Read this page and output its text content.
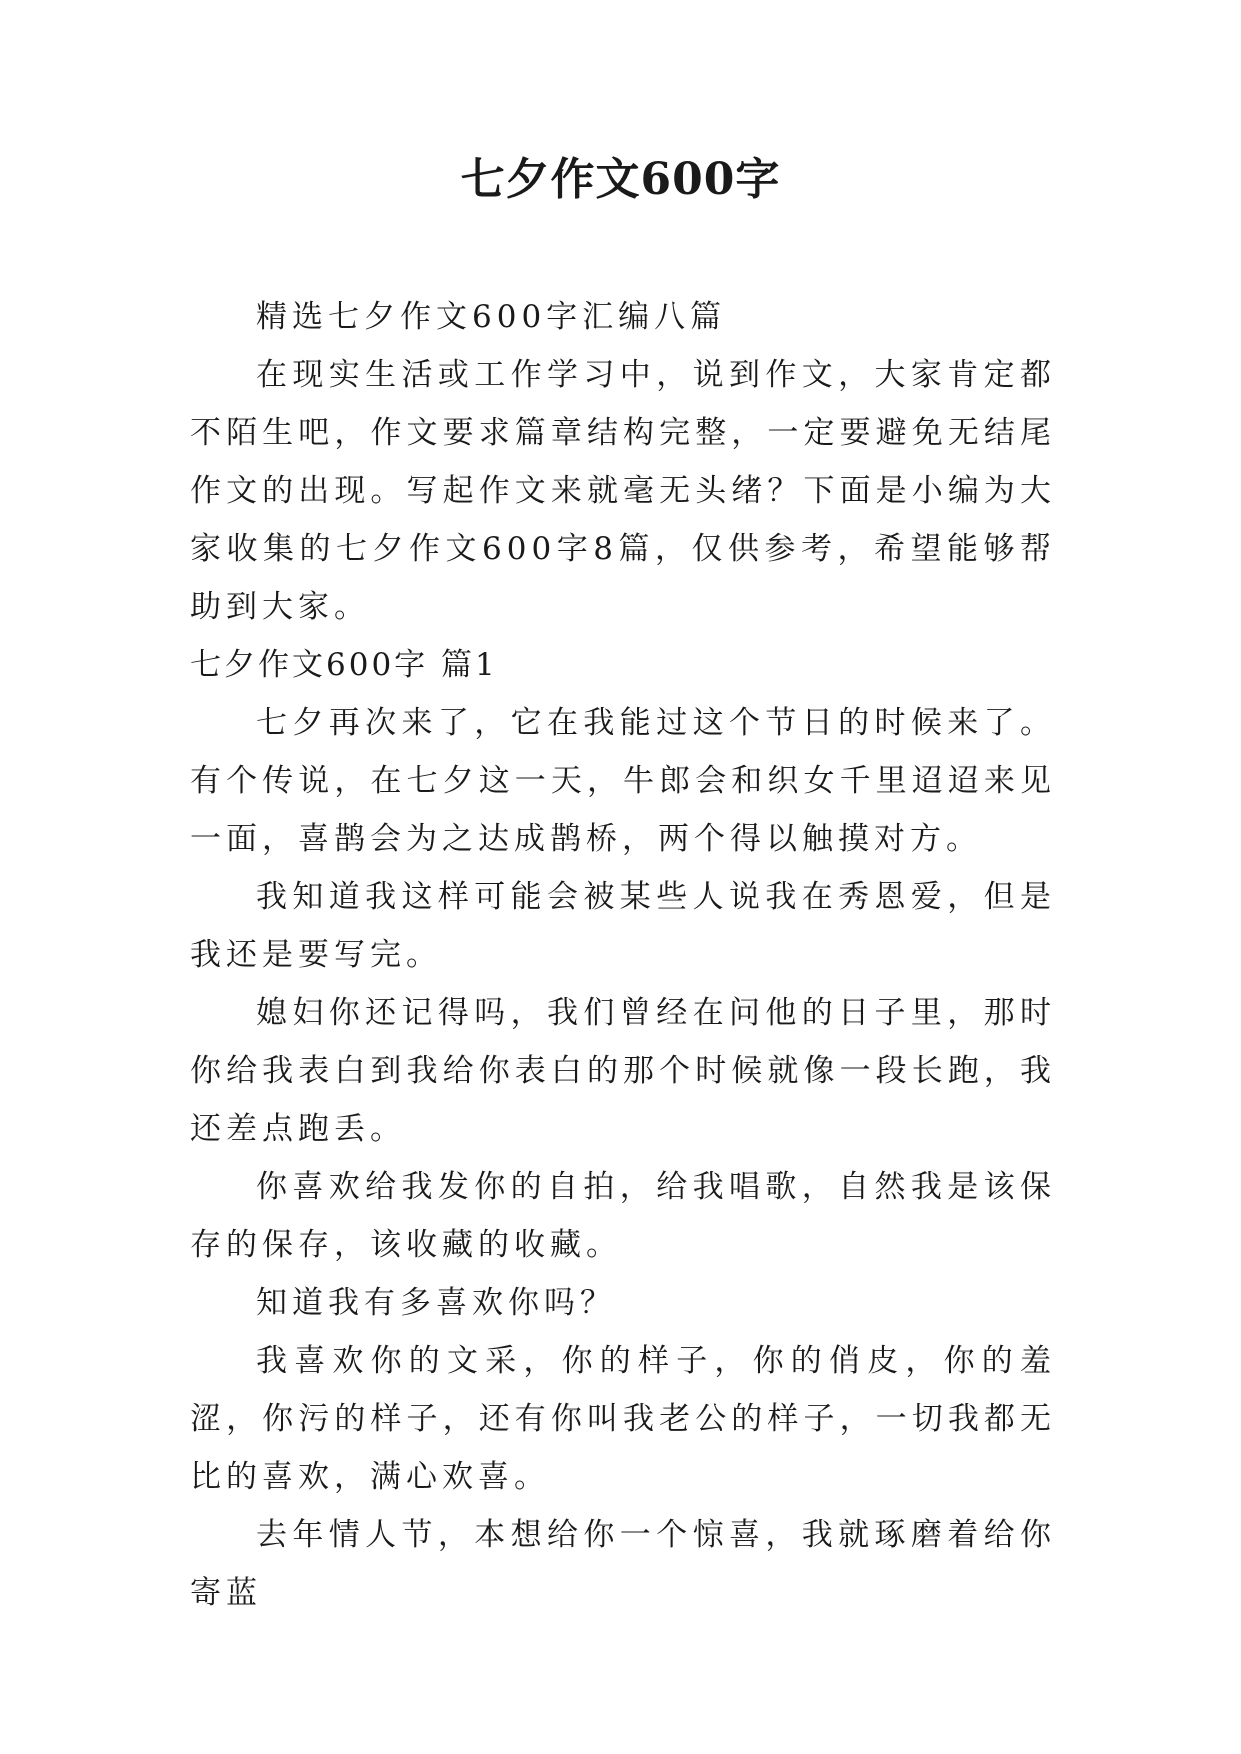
七夕作文600字

精选七夕作文600字汇编八篇

在现实生活或工作学习中，说到作文，大家肯定都不陌生吧，作文要求篇章结构完整，一定要避免无结尾作文的出现。写起作文来就毫无头绪？下面是小编为大家收集的七夕作文600字8篇，仅供参考，希望能够帮助到大家。

七夕作文600字 篇1

七夕再次来了，它在我能过这个节日的时候来了。有个传说，在七夕这一天，牛郎会和织女千里迢迢来见一面，喜鹊会为之达成鹊桥，两个得以触摸对方。

我知道我这样可能会被某些人说我在秀恩爱，但是我还是要写完。

媳妇你还记得吗，我们曾经在问他的日子里，那时你给我表白到我给你表白的那个时候就像一段长跑，我还差点跑丢。

你喜欢给我发你的自拍，给我唱歌，自然我是该保存的保存，该收藏的收藏。

知道我有多喜欢你吗？

我喜欢你的文采，你的样子，你的俏皮，你的羞涩，你污的样子，还有你叫我老公的样子，一切我都无比的喜欢，满心欢喜。

去年情人节，本想给你一个惊喜，我就琢磨着给你寄蓝
